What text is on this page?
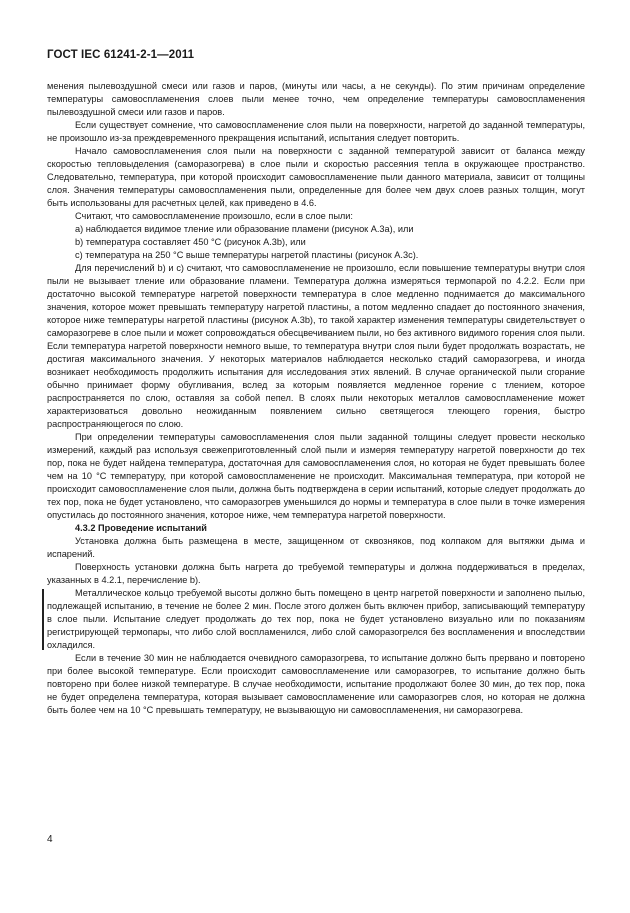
ГОСТ IEC 61241-2-1—2011

менения пылевоздушной смеси или газов и паров, (минуты или часы, а не секунды). По этим причинам определение температуры самовоспламенения слоев пыли менее точно, чем определение температуры самовоспламенения пылевоздушной смеси или газов и паров.

Если существует сомнение, что самовоспламенение слоя пыли на поверхности, нагретой до заданной температуры, не произошло из-за преждевременного прекращения испытаний, испытания следует повторить.

Начало самовоспламенения слоя пыли на поверхности с заданной температурой зависит от баланса между скоростью тепловыделения (саморазогрева) в слое пыли и скоростью рассеяния тепла в окружающее пространство. Следовательно, температура, при которой происходит самовоспламенение пыли данного материала, зависит от толщины слоя. Значения температуры самовоспламенения пыли, определенные для более чем двух слоев разных толщин, могут быть использованы для расчетных целей, как приведено в 4.6.

Считают, что самовоспламенение произошло, если в слое пыли:

a) наблюдается видимое тление или образование пламени (рисунок А.3а), или

b) температура составляет 450 °С (рисунок А.3b), или

c) температура на 250 °С выше температуры нагретой пластины (рисунок А.3c).

Для перечислений b) и c) считают, что самовоспламенение не произошло, если повышение температуры внутри слоя пыли не вызывает тление или образование пламени. Температура должна измеряться термопарой по 4.2.2. Если при достаточно высокой температуре нагретой поверхности температура в слое медленно поднимается до максимального значения, которое может превышать температуру нагретой пластины, а потом медленно спадает до постоянного значения, которое ниже температуры нагретой пластины (рисунок А.3b), то такой характер изменения температуры свидетельствует о саморазогреве в слое пыли и может сопровождаться обесцвечиванием пыли, но без активного видимого горения слоя пыли. Если температура нагретой поверхности немного выше, то температура внутри слоя пыли будет продолжать возрастать, не достигая максимального значения. У некоторых материалов наблюдается несколько стадий саморазогрева, и иногда возникает необходимость продолжить испытания для исследования этих явлений. В случае органической пыли сгорание обычно принимает форму обугливания, вслед за которым появляется медленное горение с тлением, которое распространяется по слою, оставляя за собой пепел. В слоях пыли некоторых металлов самовоспламенение может характеризоваться довольно неожиданным появлением сильно светящегося тлеющего горения, быстро распространяющегося по слою.

При определении температуры самовоспламенения слоя пыли заданной толщины следует провести несколько измерений, каждый раз используя свежеприготовленный слой пыли и измеряя температуру нагретой поверхности до тех пор, пока не будет найдена температура, достаточная для самовоспламенения слоя, но которая не будет превышать более чем на 10 °С температуру, при которой самовоспламенение не происходит. Максимальная температура, при которой не происходит самовоспламенение слоя пыли, должна быть подтверждена в серии испытаний, которые следует продолжать до тех пор, пока не будет установлено, что саморазогрев уменьшился до нормы и температура в слое пыли в точке измерения опустилась до постоянного значения, которое ниже, чем температура нагретой поверхности.

4.3.2 Проведение испытаний

Установка должна быть размещена в месте, защищенном от сквозняков, под колпаком для вытяжки дыма и испарений.

Поверхность установки должна быть нагрета до требуемой температуры и должна поддерживаться в пределах, указанных в 4.2.1, перечисление b).

Металлическое кольцо требуемой высоты должно быть помещено в центр нагретой поверхности и заполнено пылью, подлежащей испытанию, в течение не более 2 мин. После этого должен быть включен прибор, записывающий температуру в слое пыли. Испытание следует продолжать до тех пор, пока не будет установлено визуально или по показаниям регистрирующей термопары, что либо слой воспламенился, либо слой саморазогрелся без воспламенения и впоследствии охладился.

Если в течение 30 мин не наблюдается очевидного саморазогрева, то испытание должно быть прервано и повторено при более высокой температуре. Если происходит самовоспламенение или саморазогрев, то испытание должно быть повторено при более низкой температуре. В случае необходимости, испытание продолжают более 30 мин, до тех пор, пока не будет определена температура, которая вызывает самовоспламенение или саморазогрев слоя, но которая не должна быть более чем на 10 °С превышать температуру, не вызывающую ни самовоспламенения, ни саморазогрева.

4
